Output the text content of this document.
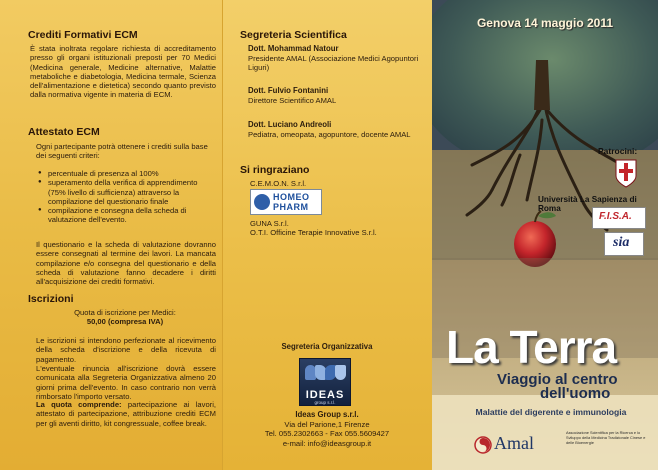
Crediti Formativi ECM
È stata inoltrata regolare richiesta di accreditamento presso gli organi istituzionali preposti per 70 Medici (Medicina generale, Medicine alternative, Malattie metaboliche e diabetologia, Medicina termale, Scienza dell'alimentazione e dietetica) secondo quanto previsto dalla normativa vigente in materia di ECM.
Attestato ECM
Ogni partecipante potrà ottenere i crediti sulla base dei seguenti criteri:
● percentuale di presenza al 100%
● superamento della verifica di apprendimento (75% livello di sufficienza) attraverso la compilazione del questionario finale
● compilazione e consegna della scheda di valutazione dell'evento.
Il questionario e la scheda di valutazione dovranno essere consegnati al termine dei lavori. La mancata compilazione e/o consegna del questionario e della scheda di valutazione fanno decadere i diritti all'acquisizione dei crediti formativi.
Iscrizioni
Quota di iscrizione per Medici:
50,00 (compresa IVA)
Le iscrizioni si intendono perfezionate al ricevimento della scheda d'iscrizione e della ricevuta di pagamento.
L'eventuale rinuncia all'iscrizione dovrà essere comunicata alla Segreteria Organizzativa almeno 20 giorni prima dell'evento. In caso contrario non verrà rimborsato l'importo versato.
La quota comprende: partecipazione ai lavori, attestato di partecipazione, attribuzione crediti ECM per gli aventi diritto, kit congressuale, coffee break.
Segreteria Scientifica
Dott. Mohammad Natour
Presidente AMAL (Associazione Medici Agopuntori Liguri)
Dott. Fulvio Fontanini
Direttore Scientifico AMAL
Dott. Luciano Andreoli
Pediatra, omeopata, agopuntore, docente AMAL
Si ringraziano
C.E.M.O.N. S.r.l.
HOMEO
PHARM
GUNA S.r.l.
O.T.I. Officine Terapie Innovative S.r.l.
Segreteria Organizzativa
IDEAS
group s.r.l.
Ideas Group s.r.l.
Via del Parione,1 Firenze
Tel. 055.2302663 - Fax 055.5609427
e-mail: info@ideasgroup.it
Genova 14 maggio 2011
Patrocini:
Università La Sapienza di Roma
F.I.S.A.
sia
La Terra
Viaggio al centro
dell'uomo
Malattie del digerente e immunologia
Amal
Associazione Scientifica per la Ricerca e lo Sviluppo della Medicina Tradizionale Cinese e delle Bioenergie
